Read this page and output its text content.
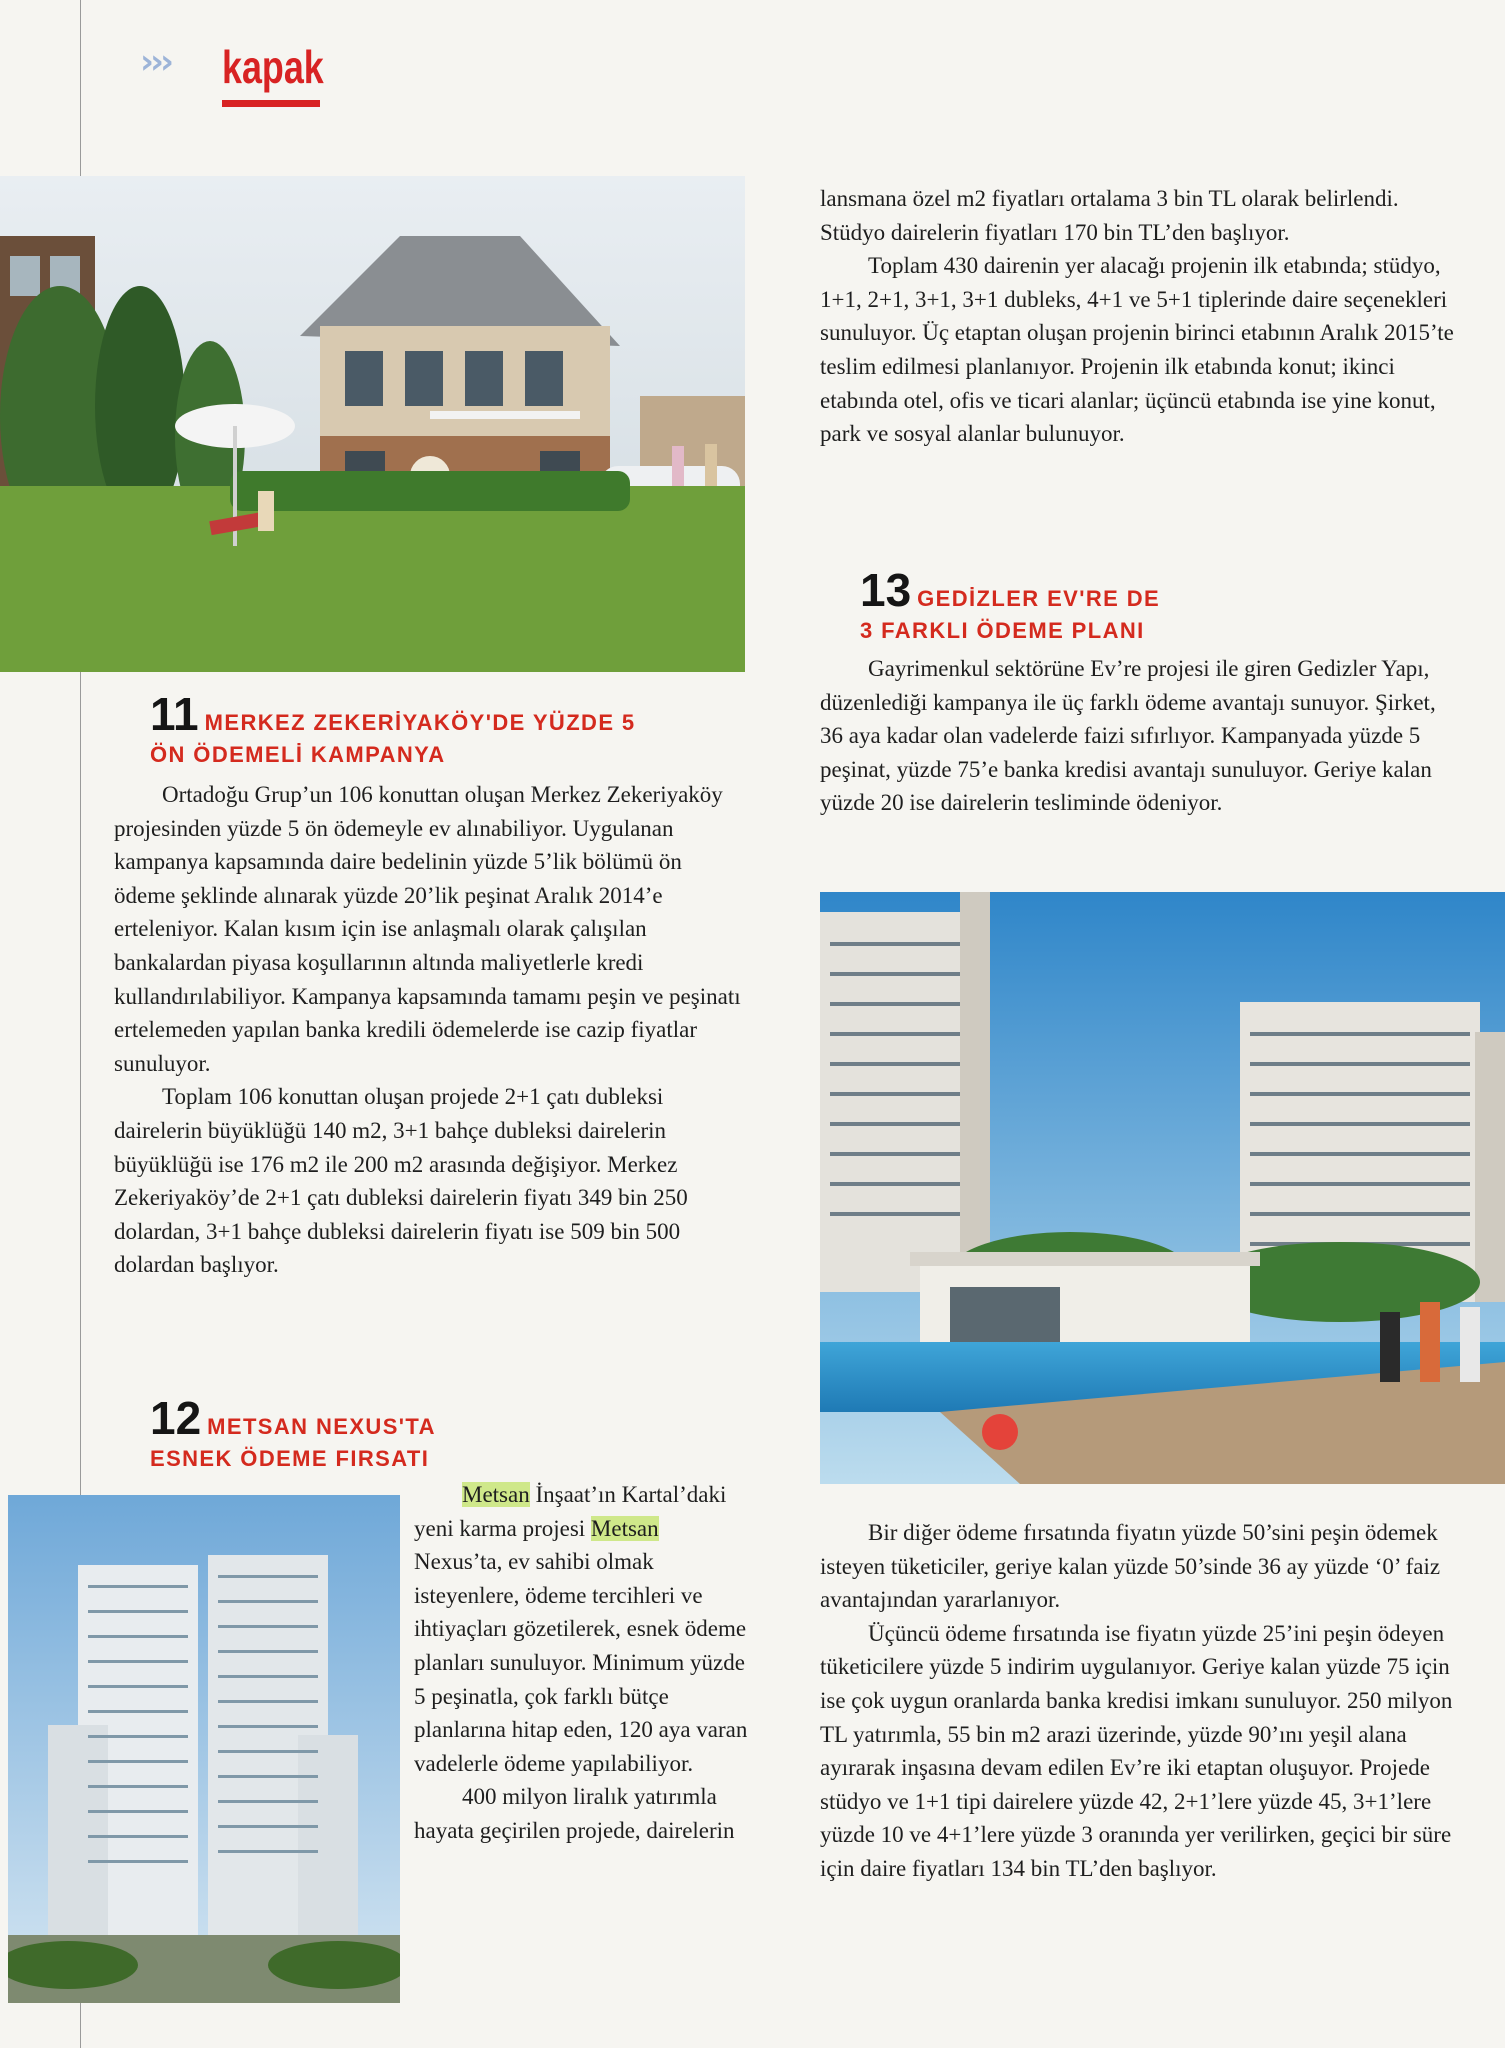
››› kapak
11 MERKEZ ZEKERİYAKÖY'DE YÜZDE 5
ÖN ÖDEMELİ KAMPANYA

Ortadoğu Grup’un 106 konuttan oluşan Merkez Zekeriyaköy projesinden yüzde 5 ön ödemeyle ev alınabiliyor. Uygulanan kampanya kapsamında daire bedelinin yüzde 5’lik bölümü ön ödeme şeklinde alınarak yüzde 20’lik peşinat Aralık 2014’e erteleniyor. Kalan kısım için ise anlaşmalı olarak çalışılan bankalardan piyasa koşullarının altında maliyetlerle kredi kullandırılabiliyor. Kampanya kapsamında tamamı peşin ve peşinatı ertelemeden yapılan banka kredili ödemelerde ise cazip fiyatlar sunuluyor.

Toplam 106 konuttan oluşan projede 2+1 çatı dubleksi dairelerin büyüklüğü 140 m2, 3+1 bahçe dubleksi dairelerin büyüklüğü ise 176 m2 ile 200 m2 arasında değişiyor. Merkez Zekeriyaköy’de 2+1 çatı dubleksi dairelerin fiyatı 349 bin 250 dolardan, 3+1 bahçe dubleksi dairelerin fiyatı ise 509 bin 500 dolardan başlıyor.

12 METSAN NEXUS'TA
ESNEK ÖDEME FIRSATI

Metsan İnşaat’ın Kartal’daki yeni karma projesi Metsan Nexus’ta, ev sahibi olmak isteyenlere, ödeme tercihleri ve ihtiyaçları gözetilerek, esnek ödeme planları sunuluyor. Minimum yüzde 5 peşinatla, çok farklı bütçe planlarına hitap eden, 120 aya varan vadelerle ödeme yapılabiliyor.

400 milyon liralık yatırımla hayata geçirilen projede, dairelerin

lansmana özel m2 fiyatları ortalama 3 bin TL olarak belirlendi. Stüdyo dairelerin fiyatları 170 bin TL’den başlıyor.

Toplam 430 dairenin yer alacağı projenin ilk etabında; stüdyo, 1+1, 2+1, 3+1, 3+1 dubleks, 4+1 ve 5+1 tiplerinde daire seçenekleri sunuluyor. Üç etaptan oluşan projenin birinci etabının Aralık 2015’te teslim edilmesi planlanıyor. Projenin ilk etabında konut; ikinci etabında otel, ofis ve ticari alanlar; üçüncü etabında ise yine konut, park ve sosyal alanlar bulunuyor.

13 GEDİZLER EV'RE DE
3 FARKLI ÖDEME PLANI

Gayrimenkul sektörüne Ev’re projesi ile giren Gedizler Yapı, düzenlediği kampanya ile üç farklı ödeme avantajı sunuyor. Şirket, 36 aya kadar olan vadelerde faizi sıfırlıyor. Kampanyada yüzde 5 peşinat, yüzde 75’e banka kredisi avantajı sunuluyor. Geriye kalan yüzde 20 ise dairelerin tesliminde ödeniyor.

Bir diğer ödeme fırsatında fiyatın yüzde 50’sini peşin ödemek isteyen tüketiciler, geriye kalan yüzde 50’sinde 36 ay yüzde ‘0’ faiz avantajından yararlanıyor.

Üçüncü ödeme fırsatında ise fiyatın yüzde 25’ini peşin ödeyen tüketicilere yüzde 5 indirim uygulanıyor. Geriye kalan yüzde 75 için ise çok uygun oranlarda banka kredisi imkanı sunuluyor. 250 milyon TL yatırımla, 55 bin m2 arazi üzerinde, yüzde 90’ını yeşil alana ayırarak inşasına devam edilen Ev’re iki etaptan oluşuyor. Projede stüdyo ve 1+1 tipi dairelere yüzde 42, 2+1’lere yüzde 45, 3+1’lere yüzde 10 ve 4+1’lere yüzde 3 oranında yer verilirken, geçici bir süre için daire fiyatları 134 bin TL’den başlıyor.
